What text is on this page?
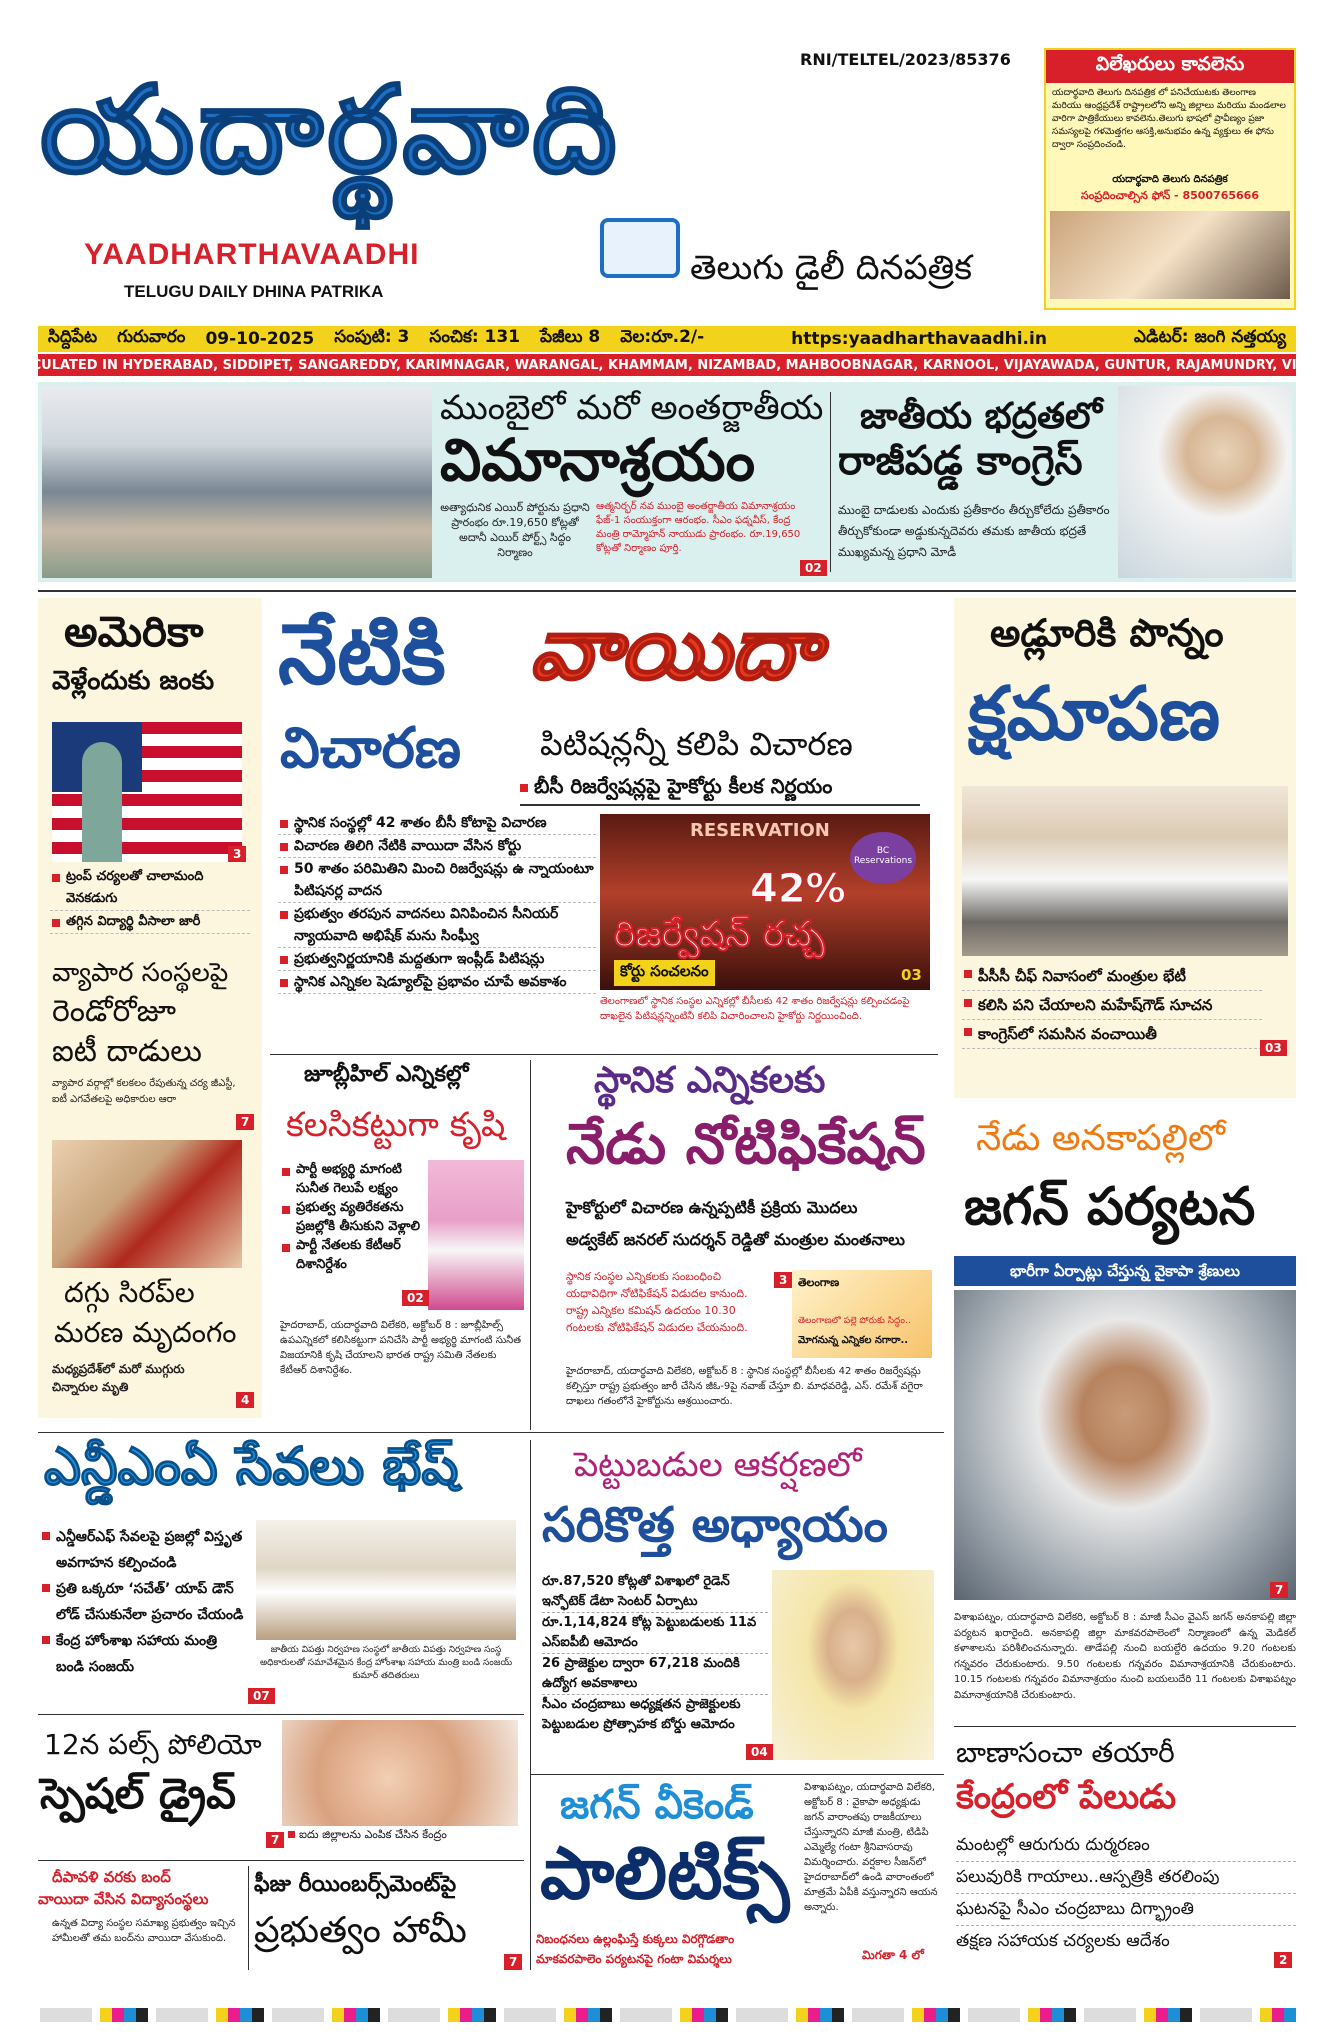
యదార్థవాది	RNI/TELTEL/2023/85376
YAADHARTHAVAADHI
TELUGU DAILY DHINA PATRIKA
తెలుగు డైలీ దినపత్రిక
విలేఖరులు కావలెను
యదార్థవాది తెలుగు దినపత్రిక లో పనిచేయుటకు తెలంగాణ మరియు ఆంధ్రప్రదేశ్ రాష్ట్రాలలోని అన్ని జిల్లాలు మరియు మండలాల వారిగా పాత్రికేయులు కావలెను.తెలుగు భాషలో ప్రావీణ్యం ప్రజా సమస్యలపై గళమెత్తగల ఆసక్తి,అనుభవం ఉన్న వ్యక్తులు ఈ ఫోను ద్వారా సంప్రదించండి.
యదార్థవాది తెలుగు దినపత్రిక
సంప్రదించాల్సిన ఫోన్ - 8500765666
సిద్దిపేట	గురువారం	09-10-2025	సంపుటి: 3	సంచిక: 131	పేజీలు 8	వెల:రూ.2/-	https:yaadharthavaadhi.in	ఎడిటర్: జంగి నత్తయ్య
CIRCULATED IN HYDERABAD, SIDDIPET, SANGAREDDY, KARIMNAGAR, WARANGAL, KHAMMAM, NIZAMBAD, MAHBOOBNAGAR, KARNOOL, VIJAYAWADA, GUNTUR, RAJAMUNDRY, VIZAG
ముంబైలో మరో అంతర్జాతీయ
విమానాశ్రయం
అత్యాధునిక ఎయిర్ పోర్టును ప్రధాని ప్రారంభం రూ.19,650 కోట్లతో అదానీ ఎయిర్ పోర్ట్స్ సిద్ధం నిర్మాణం
ఆత్మనిర్భర్ నవ ముంబై అంతర్జాతీయ విమానాశ్రయం ఫేజ్-1 సంయుక్తంగా ఆరంభం. సీఎం ఫడ్నవీస్, కేంద్ర మంత్రి రామ్మోహన్ నాయుడు ప్రారంభం. రూ.19,650 కోట్లతో నిర్మాణం పూర్తి.
02
జాతీయ భద్రతలో
రాజీపడ్డ కాంగ్రెస్
ముంబై దాడులకు ఎందుకు ప్రతీకారం తీర్చుకోలేదు ప్రతీకారం తీర్చుకోకుండా అడ్డుకున్నదెవరు తమకు జాతీయ భద్రతే ముఖ్యమన్న ప్రధాని మోడీ
అమెరికా
వెళ్లేందుకు జంకు
3
ట్రంప్ చర్యలతో చాలామంది వెనకడుగు
తగ్గిన విద్యార్థి వీసాలా జారీ
వ్యాపార సంస్థలపై
రెండోరోజూ
ఐటీ దాడులు
వ్యాపార వర్గాల్లో కలకలం రేపుతున్న చర్య జీఎస్టీ, ఐటీ ఎగవేతలపై అధికారుల ఆరా
7
దగ్గు సిరప్‌ల
మరణ మృదంగం
మధ్యప్రదేశ్‌లో మరో ముగ్గురు చిన్నారుల మృతి
4
నేటికి వాయిదా
విచారణ పిటిషన్లన్నీ కలిపి విచారణ
బీసీ రిజర్వేషన్లపై హైకోర్టు కీలక నిర్ణయం
స్థానిక సంస్థల్లో 42 శాతం బీసీ కోటాపై విచారణ
విచారణ తిలిగి నేటికి వాయిదా వేసిన కోర్టు
50 శాతం పరిమితిని మించి రిజర్వేషన్లు ఉ న్నాయంటూ పిటిషనర్ల వాదన
ప్రభుత్వం తరపున వాదనలు వినిపించిన సీనియర్ న్యాయవాది అభిషేక్ మను సింఘ్వీ
ప్రభుత్వనిర్ణయానికి మద్దతుగా ఇంప్లీడ్ పిటిషన్లు
స్థానిక ఎన్నికల షెడ్యూల్‌పై ప్రభావం చూపే అవకాశం
RESERVATION
BC Reservations
42%
రిజర్వేషన్ రచ్చ
కోర్టు సంచలనం	03
తెలంగాణలో స్థానిక సంస్థల ఎన్నికల్లో బీసీలకు 42 శాతం రిజర్వేషన్లు కల్పించడంపై దాఖలైన పిటిషన్లన్నింటినీ కలిపి విచారించాలని హైకోర్టు నిర్ణయించింది.
జూబ్లీహిల్ ఎన్నికల్లో
కలసికట్టుగా కృషి
పార్టీ అభ్యర్థి మాగంటి సునీత గెలుపే లక్ష్యం
ప్రభుత్వ వ్యతిరేకతను ప్రజల్లోకి తీసుకుని వెళ్లాలి
పార్టీ నేతలకు కేటీఆర్ దిశానిర్దేశం
02
హైదరాబాద్, యదార్థవాది విలేకరి, అక్టోబర్ 8 : జూబ్లీహిల్స్ ఉపఎన్నికలో కలిసికట్టుగా పనిచేసి పార్టీ అభ్యర్థి మాగంటి సునీత విజయానికి కృషి చేయాలని భారత రాష్ట్ర సమితి నేతలకు కేటీఆర్ దిశానిర్దేశం.
స్థానిక ఎన్నికలకు
నేడు నోటిఫికేషన్
హైకోర్టులో విచారణ ఉన్నప్పటికీ ప్రక్రియ మొదలు
అడ్వకేట్ జనరల్ సుదర్శన్ రెడ్డితో మంత్రుల మంతనాలు
స్థానిక సంస్థల ఎన్నికలకు సంబంధించి యధావిధిగా నోటిఫికేషన్ విడుదల కానుంది. రాష్ట్ర ఎన్నికల కమిషన్ ఉదయం 10.30 గంటలకు నోటిఫికేషన్ విడుదల చేయనుంది.
3 తెలంగాణ
తెలంగాణలో పల్లె పోరుకు సిద్ధం..
మోగనున్న ఎన్నికల నగారా..
హైదరాబాద్, యదార్థవాది విలేకరి, అక్టోబర్ 8 : స్థానిక సంస్థల్లో బీసీలకు 42 శాతం రిజర్వేషన్లు కల్పిస్తూ రాష్ట్ర ప్రభుత్వం జారీ చేసిన జీఓ-9పై నవాజ్ చేస్తూ బి. మాధవరెడ్డి, ఎస్. రమేశ్ వగైరా దాఖలు గతంలోనే హైకోర్టును ఆశ్రయించారు.
అడ్లూరికి పొన్నం
క్షమాపణ
పీసీసీ చీఫ్ నివాసంలో మంత్రుల భేటీ
కలిసి పని చేయాలని మహేష్‌గౌడ్ సూచన
కాంగ్రెస్‌లో సమసిన వంచాయితీ
03
నేడు అనకాపల్లిలో
జగన్ పర్యటన
భారీగా ఏర్పాట్లు చేస్తున్న వైకాపా శ్రేణులు
7
విశాఖపట్నం, యదార్థవాది విలేకరి, అక్టోబర్ 8 : మాజీ సీఎం వైఎస్ జగన్ అనకాపల్లి జిల్లా పర్యటన ఖరారైంది. అనకాపల్లి జిల్లా మాకవరపాలెంలో నిర్మాణంలో ఉన్న మెడికల్ కళాశాలను పరిశీలించనున్నారు. తాడేపల్లి నుంచి బయల్దేరి ఉదయం 9.20 గంటలకు గన్నవరం చేరుకుంటారు. 9.50 గంటలకు గన్నవరం విమానాశ్రయానికి చేరుకుంటారు. 10.15 గంటలకు గన్నవరం విమానాశ్రయం నుంచి బయలుదేరి 11 గంటలకు విశాఖపట్నం విమానాశ్రయానికి చేరుకుంటారు.
బాణాసంచా తయారీ
కేంద్రంలో పేలుడు
మంటల్లో ఆరుగురు దుర్మరణం
పలువురికి గాయాలు..ఆస్పత్రికి తరలింపు
ఘటనపై సీఎం చంద్రబాబు దిగ్భ్రాంతి
తక్షణ సహాయక చర్యలకు ఆదేశం
2
ఎన్డీఎంఏ సేవలు భేష్
ఎన్డీఆర్ఎఫ్ సేవలపై ప్రజల్లో విస్తృత అవగాహన కల్పించండి
ప్రతి ఒక్కరూ ‘సచేత్’ యాప్ డౌన్ లోడ్ చేసుకునేలా ప్రచారం చేయండి
కేంద్ర హోంశాఖ సహాయ మంత్రి బండి సంజయ్
జాతీయ విపత్తు నిర్వహణ సంస్థలో జాతీయ విపత్తు నిర్వహణ సంస్థ అధికారులతో సమావేశమైన కేంద్ర హోంశాఖ సహాయ మంత్రి బండి సంజయ్ కుమార్ తదితరులు
07
12న పల్స్ పోలియో
స్పెషల్ డ్రైవ్
ఐదు జిల్లాలను ఎంపిక చేసిన కేంద్రం
7
దీపావళి వరకు బంద్
వాయిదా వేసిన విద్యాసంస్థలు
ఉన్నత విద్యా సంస్థల సమాఖ్య ప్రభుత్వం ఇచ్చిన హామీలతో తమ బంద్‌ను వాయిదా వేసుకుంది.
ఫీజు రీయింబర్స్‌మెంట్‌పై
ప్రభుత్వం హామీ
7
పెట్టుబడుల ఆకర్షణలో
సరికొత్త అధ్యాయం
రూ.87,520 కోట్లతో విశాఖలో రైడెన్ ఇన్ఫోటెక్ డేటా సెంటర్ ఏర్పాటు
రూ.1,14,824 కోట్ల పెట్టుబడులకు 11వ ఎస్ఐపీబీ ఆమోదం
26 ప్రాజెక్టుల ద్వారా 67,218 మందికి ఉద్యోగ అవకాశాలు
సీఎం చంద్రబాబు అధ్యక్షతన ప్రాజెక్టులకు పెట్టుబడుల ప్రోత్సాహక బోర్డు ఆమోదం
04
జగన్ వీకెండ్
పాలిటిక్స్
నిబంధనలు ఉల్లంఘిస్తే కుక్కలు విరగ్గొడతాం
మాకవరపాలెం పర్యటనపై గంటా విమర్శలు
విశాఖపట్నం, యదార్థవాది విలేకరి, అక్టోబర్ 8 : వైకాపా అధ్యక్షుడు జగన్ వారాంతపు రాజకీయాలు చేస్తున్నారని మాజీ మంత్రి, టిడిపి ఎమ్మెల్యే గంటా శ్రీనివాసరావు విమర్శించారు. వర్షకాల సీజన్‌లో హైదరాబాద్‌లో ఉండి వారాంతంలో మాత్రమే ఏపీకి వస్తున్నారని ఆయన అన్నారు.
మిగతా 4 లో
